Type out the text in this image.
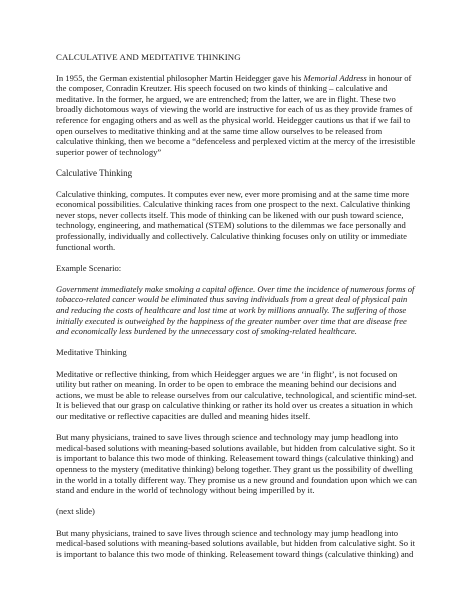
CALCULATIVE AND MEDITATIVE THINKING

In 1955, the German existential philosopher Martin Heidegger gave his Memorial Address in honour of the composer, Conradin Kreutzer. His speech focused on two kinds of thinking – calculative and meditative. In the former, he argued, we are entrenched; from the latter, we are in flight. These two broadly dichotomous ways of viewing the world are instructive for each of us as they provide frames of reference for engaging others and as well as the physical world. Heidegger cautions us that if we fail to open ourselves to meditative thinking and at the same time allow ourselves to be released from calculative thinking, then we become a “defenceless and perplexed victim at the mercy of the irresistible superior power of technology”

Calculative Thinking

Calculative thinking, computes. It computes ever new, ever more promising and at the same time more economical possibilities. Calculative thinking races from one prospect to the next. Calculative thinking never stops, never collects itself. This mode of thinking can be likened with our push toward science, technology, engineering, and mathematical (STEM) solutions to the dilemmas we face personally and professionally, individually and collectively. Calculative thinking focuses only on utility or immediate functional worth.

Example Scenario:

Government immediately make smoking a capital offence. Over time the incidence of numerous forms of tobacco-related cancer would be eliminated thus saving individuals from a great deal of physical pain and reducing the costs of healthcare and lost time at work by millions annually. The suffering of those initially executed is outweighed by the happiness of the greater number over time that are disease free and economically less burdened by the unnecessary cost of smoking-related healthcare.

Meditative Thinking

Meditative or reflective thinking, from which Heidegger argues we are ‘in flight’, is not focused on utility but rather on meaning. In order to be open to embrace the meaning behind our decisions and actions, we must be able to release ourselves from our calculative, technological, and scientific mind-set. It is believed that our grasp on calculative thinking or rather its hold over us creates a situation in which our meditative or reflective capacities are dulled and meaning hides itself.

But many physicians, trained to save lives through science and technology may jump headlong into medical-based solutions with meaning-based solutions available, but hidden from calculative sight. So it is important to balance this two mode of thinking. Releasement toward things (calculative thinking) and openness to the mystery (meditative thinking) belong together. They grant us the possibility of dwelling in the world in a totally different way. They promise us a new ground and foundation upon which we can stand and endure in the world of technology without being imperilled by it.

(next slide)

But many physicians, trained to save lives through science and technology may jump headlong into medical-based solutions with meaning-based solutions available, but hidden from calculative sight. So it is important to balance this two mode of thinking. Releasement toward things (calculative thinking) and
